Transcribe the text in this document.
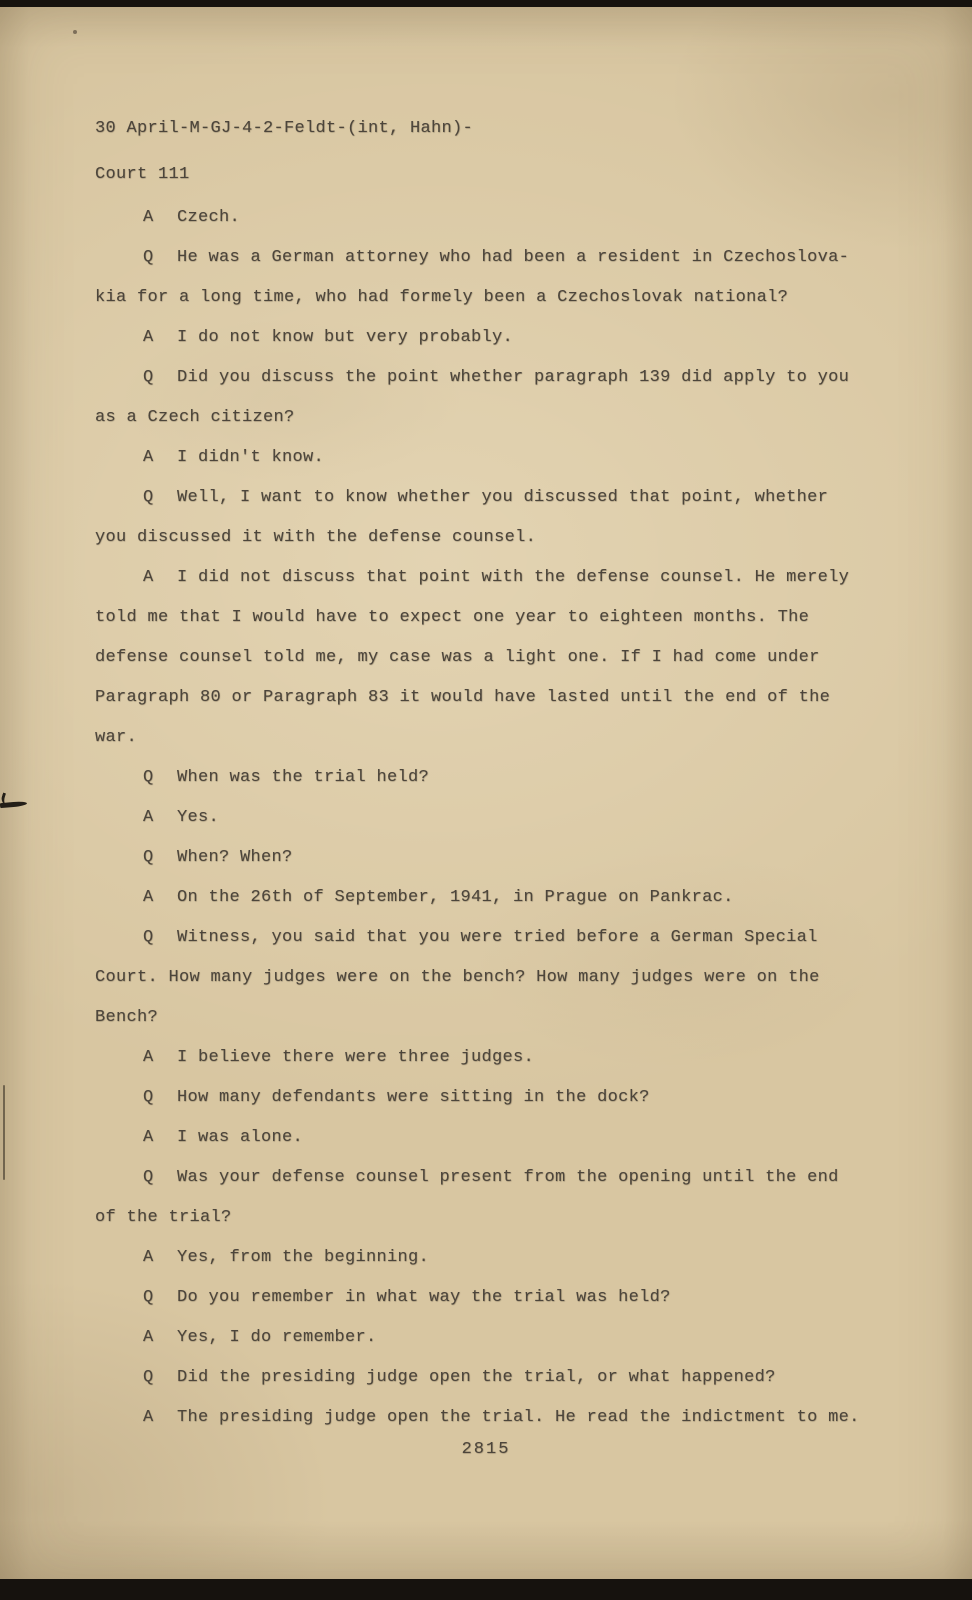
30 April-M-GJ-4-2-Feldt-(int, Hahn)-
Court 111
A Czech.
Q He was a German attorney who had been a resident in Czechoslova-
kia for a long time, who had formely been a Czechoslovak national?
A I do not know but very probably.
Q Did you discuss the point whether paragraph 139 did apply to you
as a Czech citizen?
A I didn't know.
Q Well, I want to know whether you discussed that point, whether
you discussed it with the defense counsel.
A I did not discuss that point with the defense counsel. He merely
told me that I would have to expect one year to eighteen months. The
defense counsel told me, my case was a light one. If I had come under
Paragraph 80 or Paragraph 83 it would have lasted until the end of the
war.
Q When was the trial held?
A Yes.
Q When? When?
A On the 26th of September, 1941, in Prague on Pankrac.
Q Witness, you said that you were tried before a German Special
Court. How many judges were on the bench? How many judges were on the
Bench?
A I believe there were three judges.
Q How many defendants were sitting in the dock?
A I was alone.
Q Was your defense counsel present from the opening until the end
of the trial?
A Yes, from the beginning.
Q Do you remember in what way the trial was held?
A Yes, I do remember.
Q Did the presiding judge open the trial, or what happened?
A The presiding judge open the trial. He read the indictment to me.
2815
